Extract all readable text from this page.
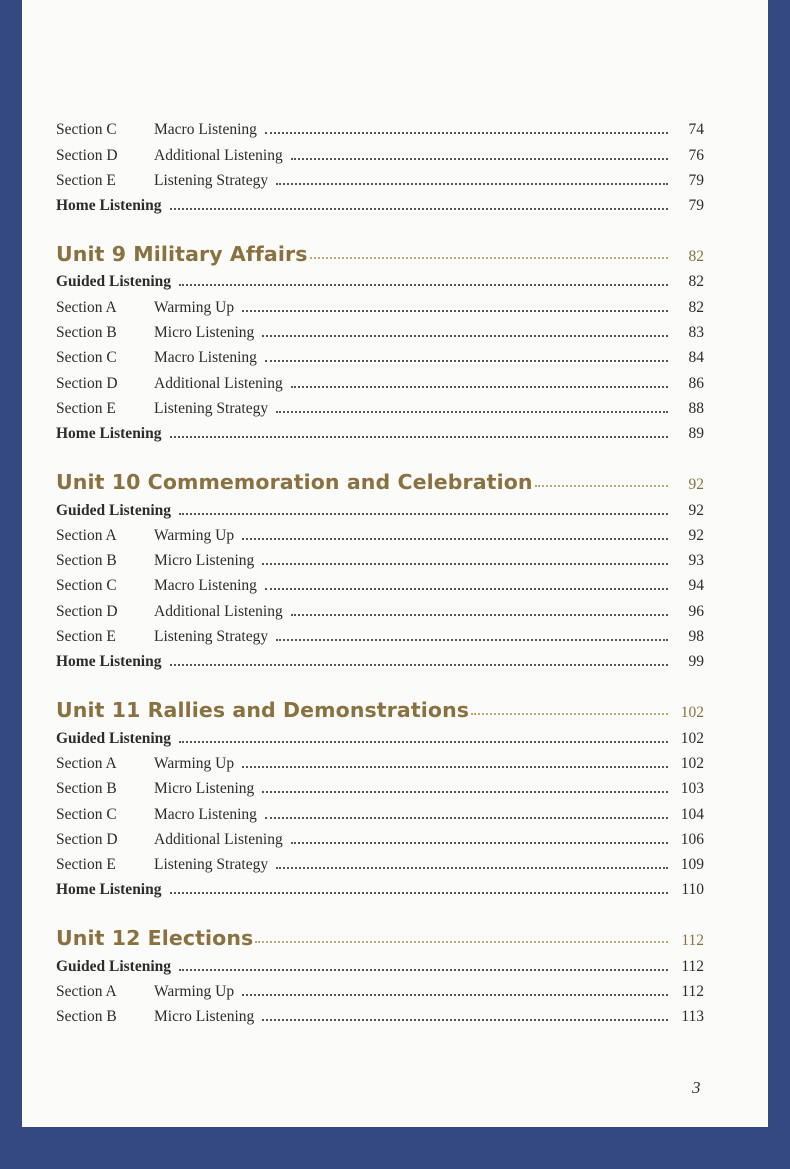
Section C	Macro Listening	74
Section D	Additional Listening	76
Section E	Listening Strategy	79
Home Listening	79
Unit 9 Military Affairs	82
Guided Listening	82
Section A	Warming Up	82
Section B	Micro Listening	83
Section C	Macro Listening	84
Section D	Additional Listening	86
Section E	Listening Strategy	88
Home Listening	89
Unit 10 Commemoration and Celebration	92
Guided Listening	92
Section A	Warming Up	92
Section B	Micro Listening	93
Section C	Macro Listening	94
Section D	Additional Listening	96
Section E	Listening Strategy	98
Home Listening	99
Unit 11 Rallies and Demonstrations	102
Guided Listening	102
Section A	Warming Up	102
Section B	Micro Listening	103
Section C	Macro Listening	104
Section D	Additional Listening	106
Section E	Listening Strategy	109
Home Listening	110
Unit 12 Elections	112
Guided Listening	112
Section A	Warming Up	112
Section B	Micro Listening	113
3
